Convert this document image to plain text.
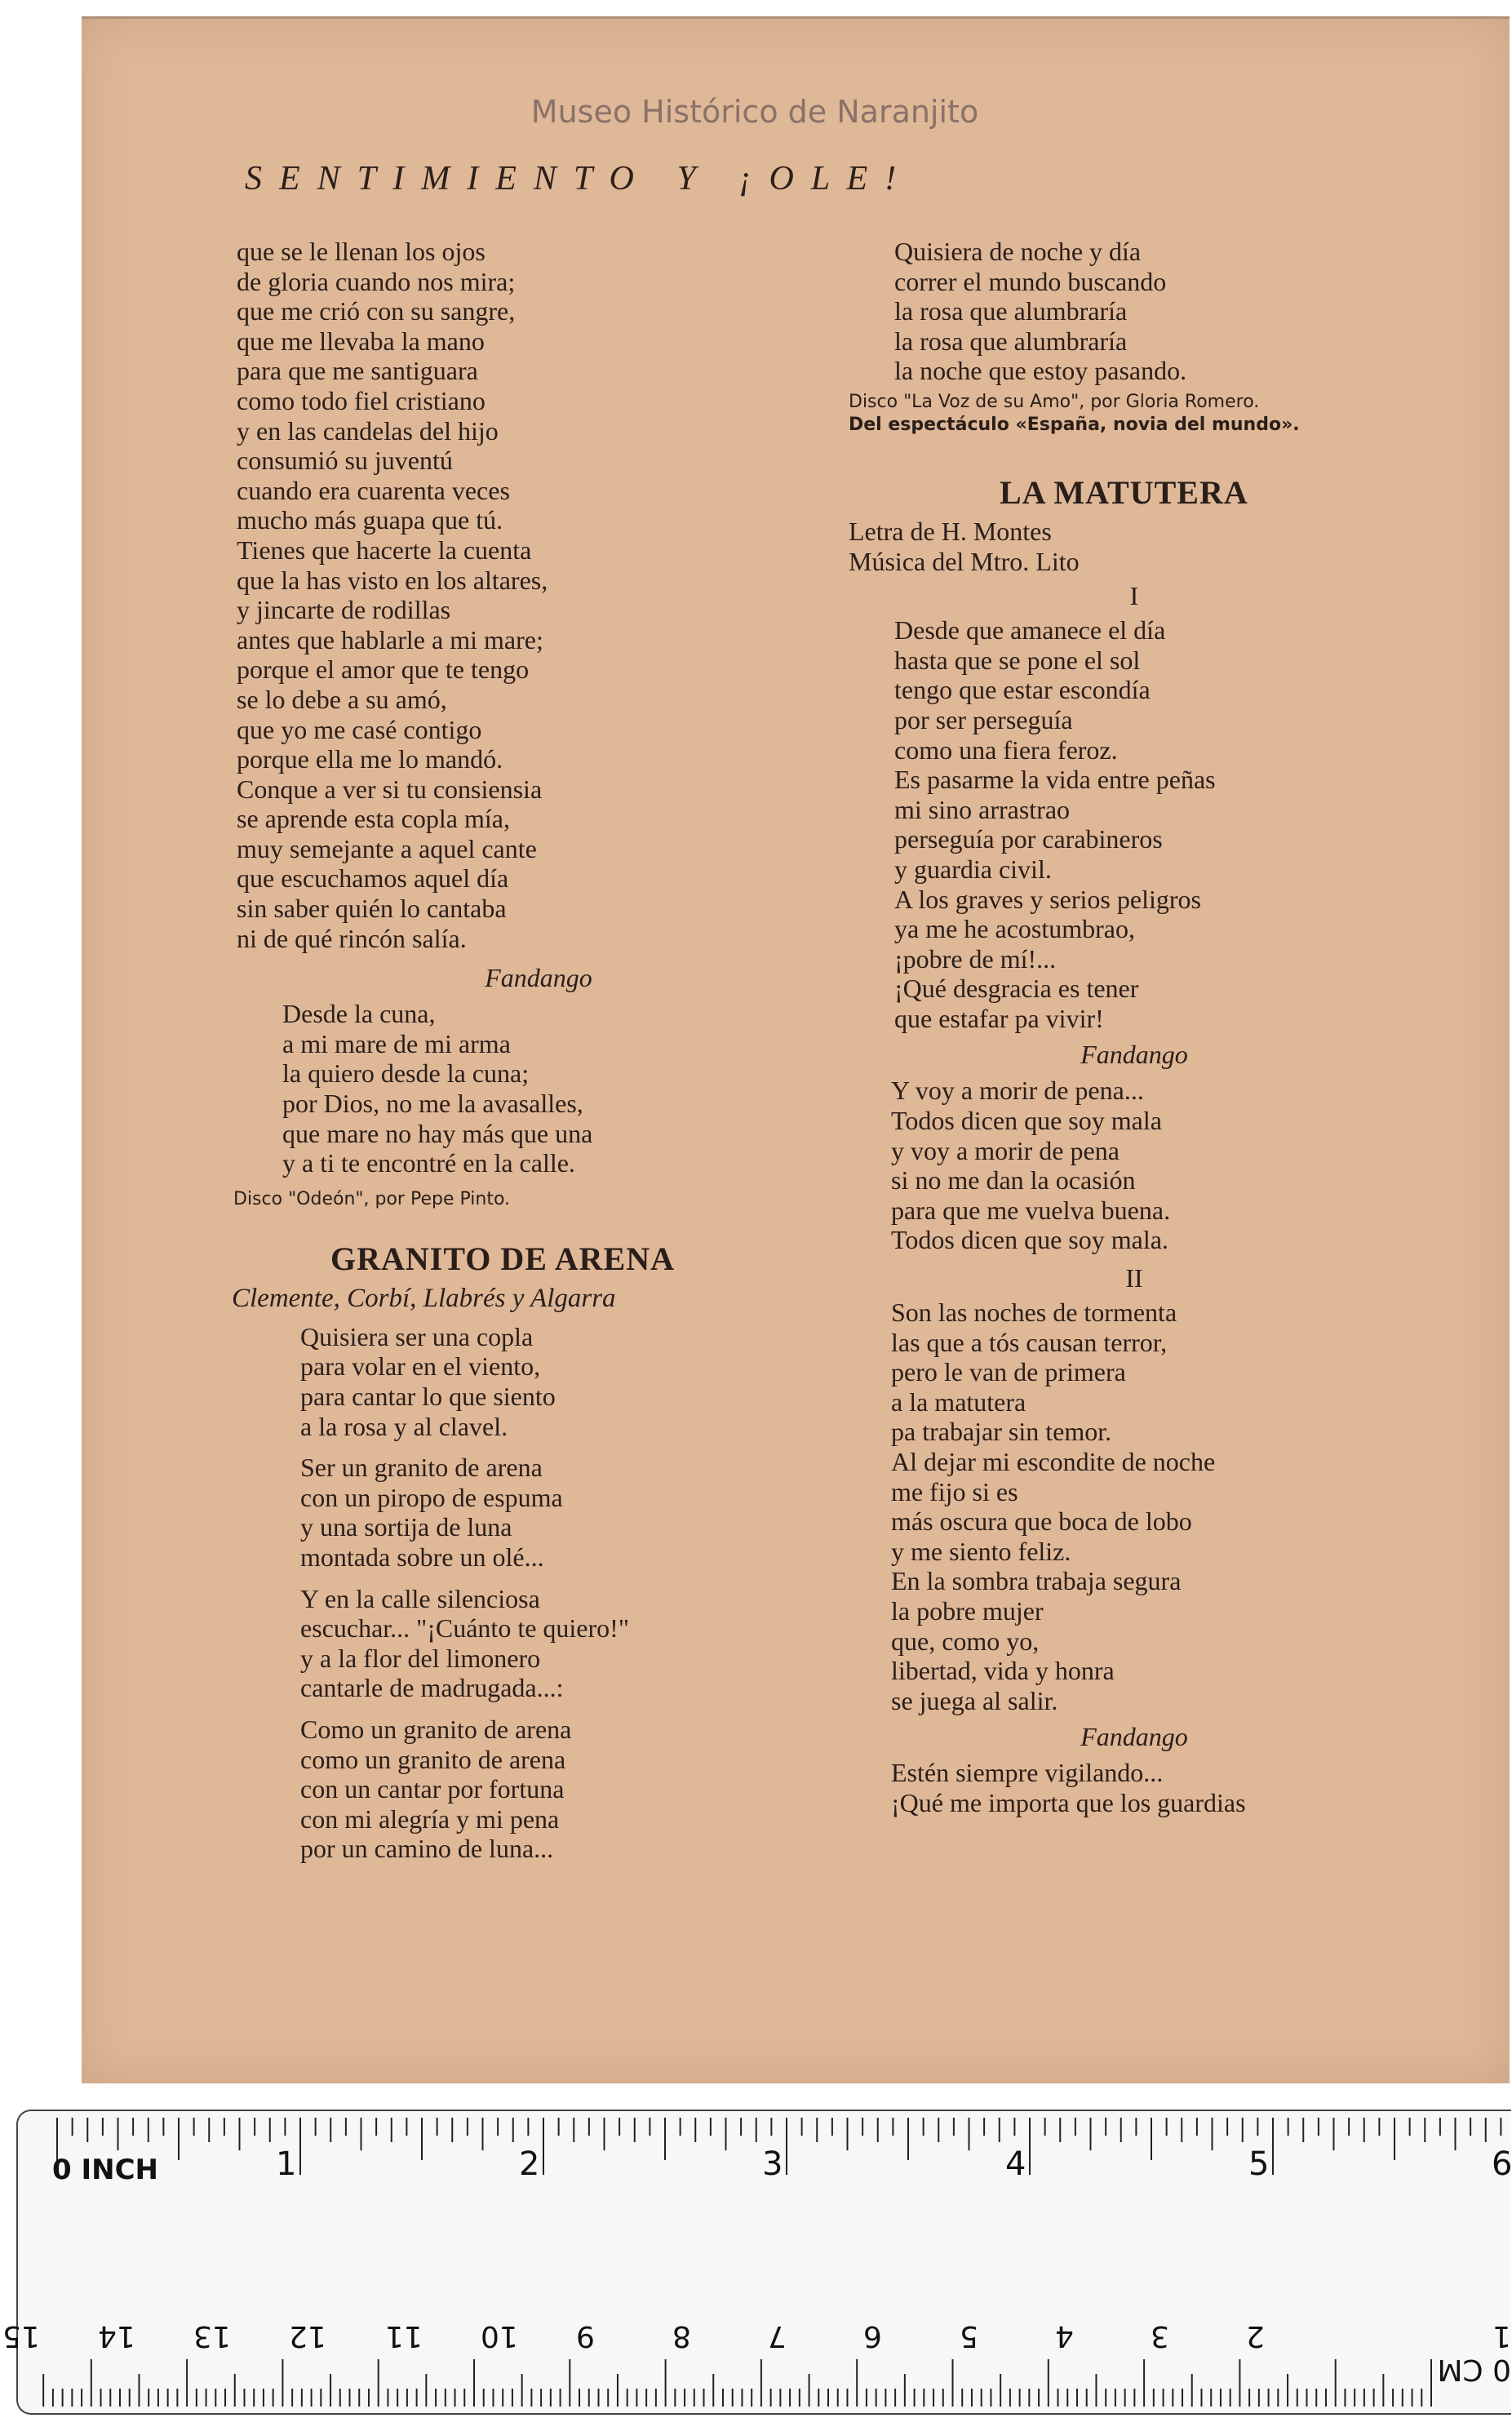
Museo Histórico de Naranjito
S  E  N  T  I  M  I  E  N  T  O     Y     ¡  O  L  E  !
que se le llenan los ojos
de gloria cuando nos mira;
que me crió con su sangre,
que me llevaba la mano
para que me santiguara
como todo fiel cristiano
y en las candelas del hijo
consumió su juventú
cuando era cuarenta veces
mucho más guapa que tú.
Tienes que hacerte la cuenta
que la has visto en los altares,
y jincarte de rodillas
antes que hablarle a mi mare;
porque el amor que te tengo
se lo debe a su amó,
que yo me casé contigo
porque ella me lo mandó.
Conque a ver si tu consiensia
se aprende esta copla mía,
muy semejante a aquel cante
que escuchamos aquel día
sin saber quién lo cantaba
ni de qué rincón salía.
Fandango
Desde la cuna,
a mi mare de mi arma
la quiero desde la cuna;
por Dios, no me la avasalles,
que mare no hay más que una
y a ti te encontré en la calle.
Disco "Odeón", por Pepe Pinto.
GRANITO DE ARENA
Clemente, Corbí, Llabrés y Algarra
Quisiera ser una copla
para volar en el viento,
para cantar lo que siento
a la rosa y al clavel.
Ser un granito de arena
con un piropo de espuma
y una sortija de luna
montada sobre un olé...
Y en la calle silenciosa
escuchar... "¡Cuánto te quiero!"
y a la flor del limonero
cantarle de madrugada...:
Como un granito de arena
como un granito de arena
con un cantar por fortuna
con mi alegría y mi pena
por un camino de luna...
Quisiera de noche y día
correr el mundo buscando
la rosa que alumbraría
la rosa que alumbraría
la noche que estoy pasando.
Disco "La Voz de su Amo", por Gloria Romero.
Del espectáculo «España, novia del mundo».
LA MATUTERA
Letra de H. Montes
Música del Mtro. Lito
I
Desde que amanece el día
hasta que se pone el sol
tengo que estar escondía
por ser perseguía
como una fiera feroz.
Es pasarme la vida entre peñas
mi sino arrastrao
perseguía por carabineros
y guardia civil.
A los graves y serios peligros
ya me he acostumbrao,
¡pobre de mí!...
¡Qué desgracia es tener
que estafar pa vivir!
Fandango
Y voy a morir de pena...
Todos dicen que soy mala
y voy a morir de pena
si no me dan la ocasión
para que me vuelva buena.
Todos dicen que soy mala.
II
Son las noches de tormenta
las que a tós causan terror,
pero le van de primera
a la matutera
pa trabajar sin temor.
Al dejar mi escondite de noche
me fijo si es
más oscura que boca de lobo
y me siento feliz.
En la sombra trabaja segura
la pobre mujer
que, como yo,
libertad, vida y honra
se juega al salir.
Fandango
Estén siempre vigilando...
¡Qué me importa que los guardias
0 INCH	1	2	3	4	5	6
0 CM 1
2
3
4
5
6
7
8
9
10
11
12
13
14
15
